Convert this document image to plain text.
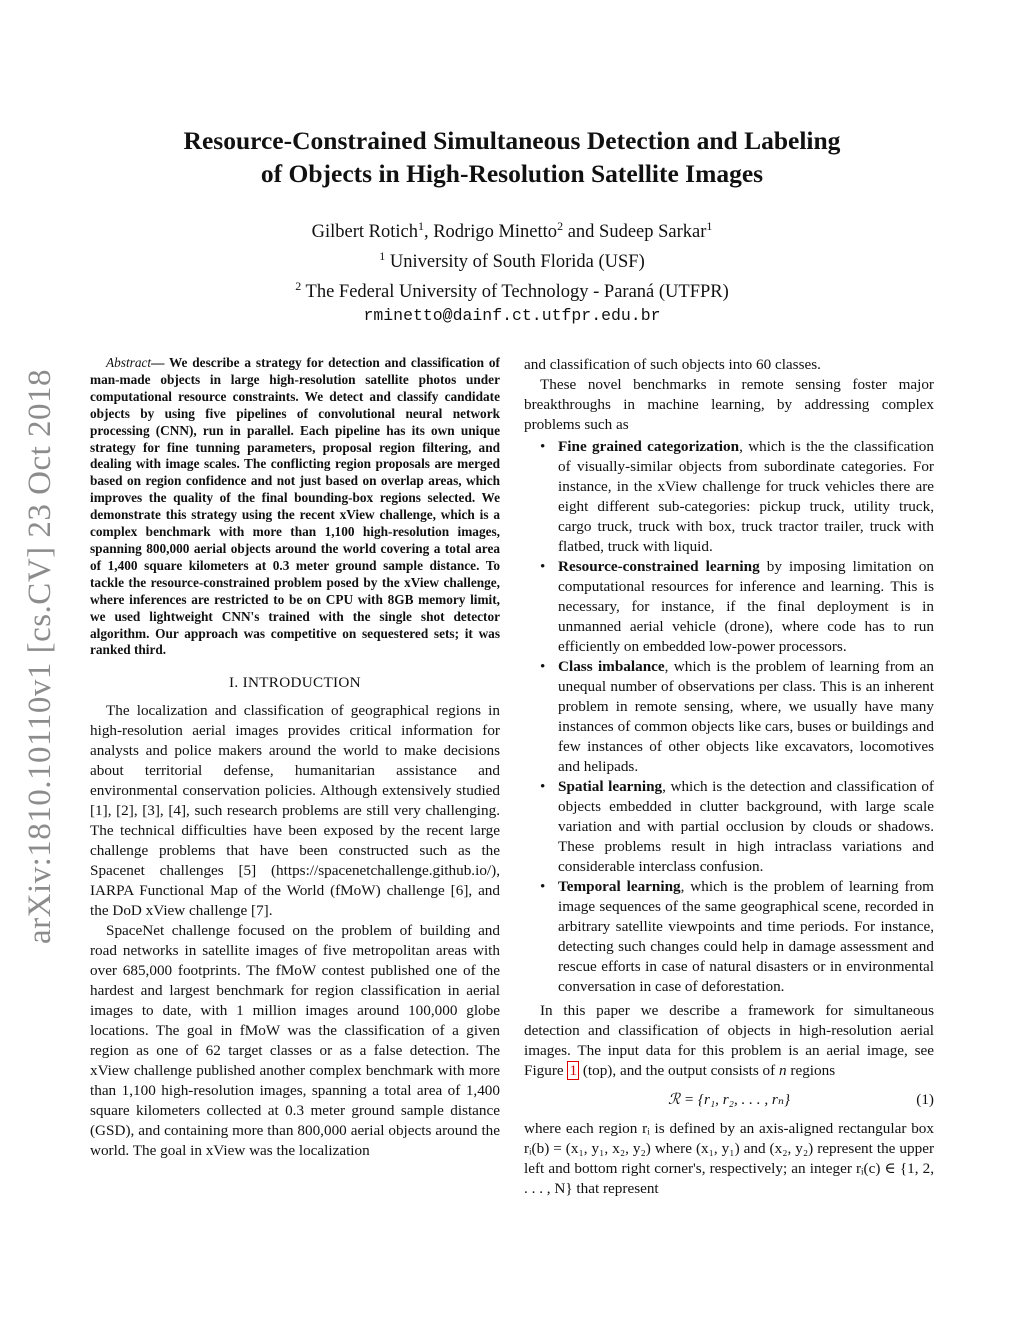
arXiv:1810.10110v1 [cs.CV] 23 Oct 2018
Resource-Constrained Simultaneous Detection and Labeling
of Objects in High-Resolution Satellite Images
Gilbert Rotich$^1$, Rodrigo Minetto$^2$ and Sudeep Sarkar$^1$
$^1$ University of South Florida (USF)
$^2$ The Federal University of Technology - Paraná (UTFPR)
rminetto@dainf.ct.utfpr.edu.br

Abstract— We describe a strategy for detection and classification of man-made objects in large high-resolution satellite photos under computational resource constraints. We detect and classify candidate objects by using five pipelines of convolutional neural network processing (CNN), run in parallel. Each pipeline has its own unique strategy for fine tunning parameters, proposal region filtering, and dealing with image scales. The conflicting region proposals are merged based on region confidence and not just based on overlap areas, which improves the quality of the final bounding-box regions selected. We demonstrate this strategy using the recent xView challenge, which is a complex benchmark with more than 1,100 high-resolution images, spanning 800,000 aerial objects around the world covering a total area of 1,400 square kilometers at 0.3 meter ground sample distance. To tackle the resource-constrained problem posed by the xView challenge, where inferences are restricted to be on CPU with 8GB memory limit, we used lightweight CNN's trained with the single shot detector algorithm. Our approach was competitive on sequestered sets; it was ranked third.

I. INTRODUCTION

The localization and classification of geographical regions in high-resolution aerial images provides critical information for analysts and police makers around the world to make decisions about territorial defense, humanitarian assistance and environmental conservation policies. Although extensively studied [1], [2], [3], [4], such research problems are still very challenging. The technical difficulties have been exposed by the recent large challenge problems that have been constructed such as the Spacenet challenges [5] (https://spacenetchallenge.github.io/), IARPA Functional Map of the World (fMoW) challenge [6], and the DoD xView challenge [7].

SpaceNet challenge focused on the problem of building and road networks in satellite images of five metropolitan areas with over 685,000 footprints. The fMoW contest published one of the hardest and largest benchmark for region classification in aerial images to date, with 1 million images around 100,000 globe locations. The goal in fMoW was the classification of a given region as one of 62 target classes or as a false detection. The xView challenge published another complex benchmark with more than 1,100 high-resolution images, spanning a total area of 1,400 square kilometers collected at 0.3 meter ground sample distance (GSD), and containing more than 800,000 aerial objects around the world. The goal in xView was the localization

and classification of such objects into 60 classes.

These novel benchmarks in remote sensing foster major breakthroughs in machine learning, by addressing complex problems such as

• Fine grained categorization, which is the the classification of visually-similar objects from subordinate categories. For instance, in the xView challenge for truck vehicles there are eight different sub-categories: pickup truck, utility truck, cargo truck, truck with box, truck tractor trailer, truck with flatbed, truck with liquid.
• Resource-constrained learning by imposing limitation on computational resources for inference and learning. This is necessary, for instance, if the final deployment is in unmanned aerial vehicle (drone), where code has to run efficiently on embedded low-power processors.
• Class imbalance, which is the problem of learning from an unequal number of observations per class. This is an inherent problem in remote sensing, where, we usually have many instances of common objects like cars, buses or buildings and few instances of other objects like excavators, locomotives and helipads.
• Spatial learning, which is the detection and classification of objects embedded in clutter background, with large scale variation and with partial occlusion by clouds or shadows. These problems result in high intraclass variations and considerable interclass confusion.
• Temporal learning, which is the problem of learning from image sequences of the same geographical scene, recorded in arbitrary satellite viewpoints and time periods. For instance, detecting such changes could help in damage assessment and rescue efforts in case of natural disasters or in environmental conversation in case of deforestation.

In this paper we describe a framework for simultaneous detection and classification of objects in high-resolution aerial images. The input data for this problem is an aerial image, see Figure 1 (top), and the output consists of n regions

ℛ = {r₁, r₂, . . . , rₙ}	(1)

where each region rᵢ is defined by an axis-aligned rectangular box rᵢ(b) = (x₁, y₁, x₂, y₂) where (x₁, y₁) and (x₂, y₂) represent the upper left and bottom right corner's, respectively; an integer rᵢ(c) ∈ {1, 2, . . . , N} that represent
